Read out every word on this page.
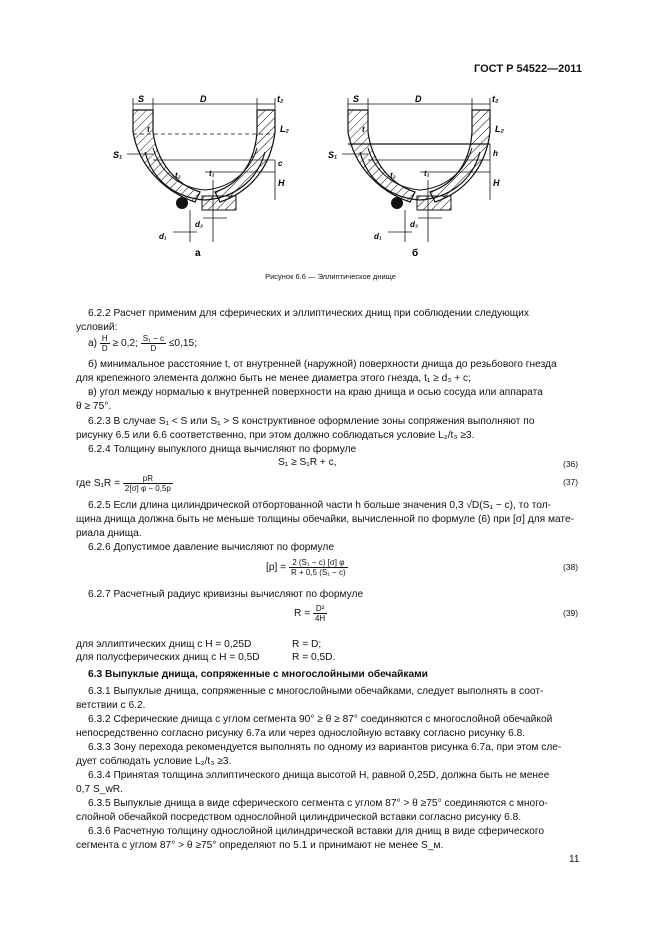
ГОСТ Р 54522—2011
S	D	t₂
L₂
t
S₁
c
H
t₂	t₁
d₃
d₁
а
S	D	t₂
L₂
t
S₁	h
H
t₂	t₁
d₃
d₁
б
Рисунок 6.6 — Эллиптическое днище
6.2.2 Расчет применим для сферических и эллиптических днищ при соблюдении следующих
условий:
$а) \frac{H}{D} \ge 0,2$; $\frac{\text{S₁ − c}}{D} \le 0,15$;
б) минимальное расстояние t, от внутренней (наружной) поверхности днища до резьбового гнезда
для крепежного элемента должно быть не менее диаметра этого гнезда, t₁ ≥ d₃ + c;
в) угол между нормалью к внутренней поверхности на краю днища и осью сосуда или аппарата
θ ≥ 75°.
6.2.3 В случае S₁ < S или S₁ > S конструктивное оформление зоны сопряжения выполняют по
рисунку 6.5 или 6.6 соответственно, при этом должно соблюдаться условие L₂/t₃ ≥3.
6.2.4 Толщину выпуклого днища вычисляют по формуле
S₁ ≥ S₁R + c,	(36)
где $S_1R = \frac{pR}{2[\sigma] \varphi - 0,5p}$	(37)
6.2.5 Если длина цилиндрической отбортованной части h больше значения 0,3 √D(S₁ − c), то тол-
щина днища должна быть не меньше толщины обечайки, вычисленной по формуле (6) при [σ] для мате-
риала днища.
6.2.6 Допустимое давление вычисляют по формуле
$[p] = \frac{\text{2 (S₁ − c) [σ] φ}}{\text{R + 0,5 (S₁ − c)}}$	(38)
6.2.7 Расчетный радиус кривизны вычисляют по формуле
$R = \frac{\text{D²}}{4H}$	(39)
для эллиптических днищ с H = 0,25D	R = D;
для полусферических днищ с H = 0,5D	R = 0,5D.
6.3 Выпуклые днища, сопряженные с многослойными обечайками
6.3.1 Выпуклые днища, сопряженные с многослойными обечайками, следует выполнять в соот-
ветствии с 6.2.
6.3.2 Сферические днища с углом сегмента 90° ≥ θ ≥ 87° соединяются с многослойной обечайкой
непосредственно согласно рисунку 6.7а или через однослойную вставку согласно рисунку 6.8.
6.3.3 Зону перехода рекомендуется выполнять по одному из вариантов рисунка 6.7а, при этом сле-
дует соблюдать условие L₂/t₃ ≥3.
6.3.4 Принятая толщина эллиптического днища высотой H, равной 0,25D, должна быть не менее
0,7 S_wR.
6.3.5 Выпуклые днища в виде сферического сегмента с углом 87° > θ ≥75° соединяются с много-
слойной обечайкой посредством однослойной цилиндрической вставки согласно рисунку 6.8.
6.3.6 Расчетную толщину однослойной цилиндрической вставки для днищ в виде сферического
сегмента с углом 87° > θ ≥75° определяют по 5.1 и принимают не менее S_м.
11
